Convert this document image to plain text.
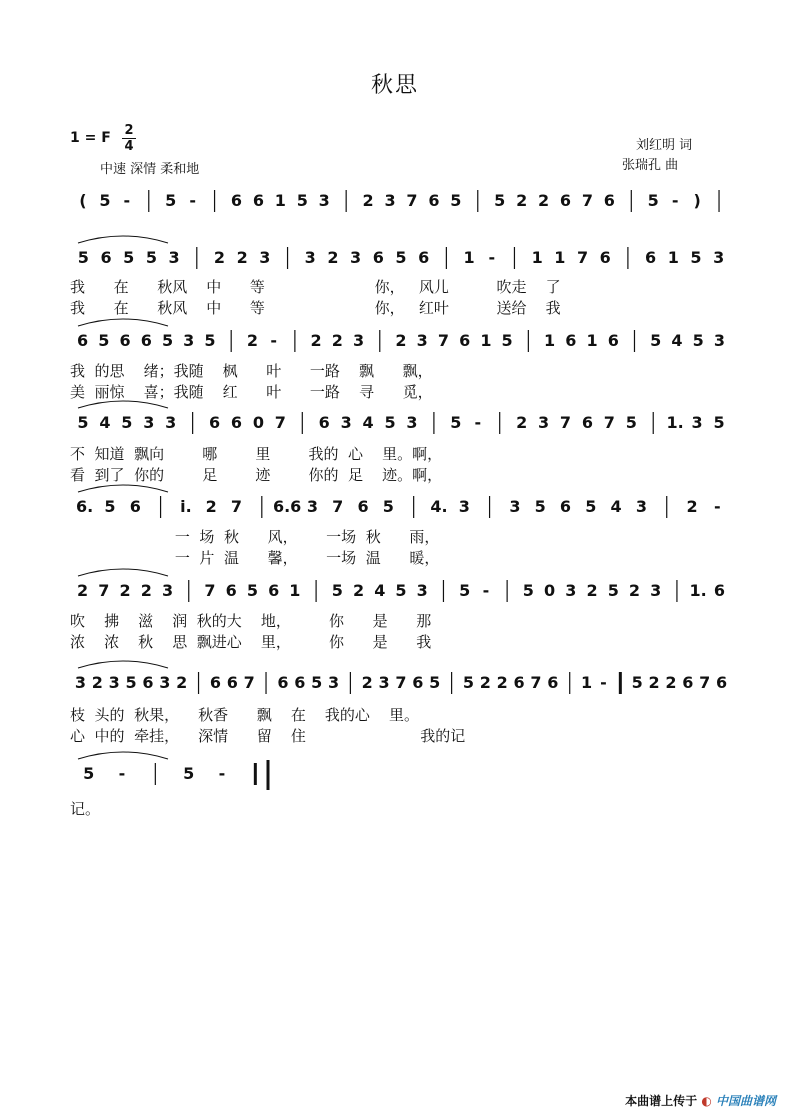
秋思
1 = F 2
4
中速 深情 柔和地
刘红明 词
张瑞孔 曲
( 5 - 5 - 6 6 1 5 3 2 3 7 6 5 5 2 2 6 7 6 5 - )
5 6 5 5 3 2 2 3 3 2 3 6 5 6 1 - 1 1 7 6 6 1 5 3
6 5 6 6 5 3 5 2 - 2 2 3 2 3 7 6 1 5 1 6 1 6 5 4 5 3
5 4 5 3 3 6 6 0 7 6 3 4 5 3 5 - 2 3 7 6 7 5 1. 3 5
6. 5 6 i. 2 7 6.6 3 7 6 5 4. 3 3 5 6 5 4 3 2 -
2 7 2 2 3 7 6 5 6 1 5 2 4 5 3 5 - 5 0 3 2 5 2 3 1. 6
3 2 3 5 6 3 2 6 6 7 6 6 5 3 2 3 7 6 5 5 2 2 6 7 6 1 - 5 2 2 6 7 6
5 -	5 -
我      在      秋风    中      等                       你，   风儿          吹走    了
我      在      秋风    中      等                       你，   红叶          送给    我
我  的思    绪；我随    枫      叶      一路    飘      飘，
美  丽惊    喜；我随    红      叶      一路    寻      觅，
不  知道  飘向        哪        里        我的  心    里。啊，
看  到了  你的        足        迹        你的  足    迹。啊，
一  场  秋      风，      一场  秋      雨，
一  片  温      馨，      一场  温      暖，
吹    拂    滋    润  秋的大    地，        你      是      那
浓    浓    秋    思  飘进心    里，        你      是      我
枝  头的  秋果，    秋香      飘    在    我的心    里。
心  中的  牵挂，    深情      留    住                        我的记
记。
本曲谱上传于 ◐ 中国曲谱网
